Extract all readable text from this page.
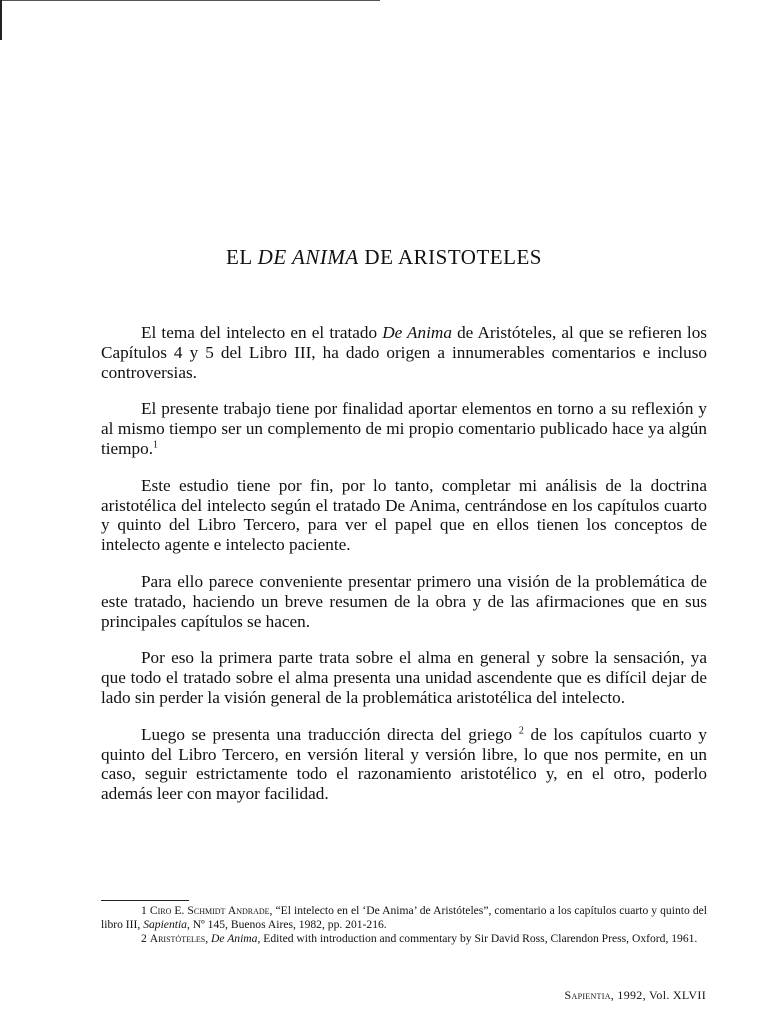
EL DE ANIMA DE ARISTOTELES

El tema del intelecto en el tratado De Anima de Aristóteles, al que se refieren los Capítulos 4 y 5 del Libro III, ha dado origen a innumerables comentarios e incluso controversias.

El presente trabajo tiene por finalidad aportar elementos en torno a su reflexión y al mismo tiempo ser un complemento de mi propio comentario publicado hace ya algún tiempo.$^1$

Este estudio tiene por fin, por lo tanto, completar mi análisis de la doctrina aristotélica del intelecto según el tratado De Anima, centrándose en los capítulos cuarto y quinto del Libro Tercero, para ver el papel que en ellos tienen los conceptos de intelecto agente e intelecto paciente.

Para ello parece conveniente presentar primero una visión de la problemática de este tratado, haciendo un breve resumen de la obra y de las afirmaciones que en sus principales capítulos se hacen.

Por eso la primera parte trata sobre el alma en general y sobre la sensación, ya que todo el tratado sobre el alma presenta una unidad ascendente que es difícil dejar de lado sin perder la visión general de la problemática aristotélica del intelecto.

Luego se presenta una traducción directa del griego $^2$ de los capítulos cuarto y quinto del Libro Tercero, en versión literal y versión libre, lo que nos permite, en un caso, seguir estrictamente todo el razonamiento aristotélico y, en el otro, poderlo además leer con mayor facilidad.

1 Ciro E. Schmidt Andrade, “El intelecto en el ‘De Anima’ de Aristóteles”, comentario a los capítulos cuarto y quinto del libro III, Sapientia, Nº 145, Buenos Aires, 1982, pp. 201-216.

2 Aristóteles, De Anima, Edited with introduction and commentary by Sir David Ross, Clarendon Press, Oxford, 1961.

Sapientia, 1992, Vol. XLVII
